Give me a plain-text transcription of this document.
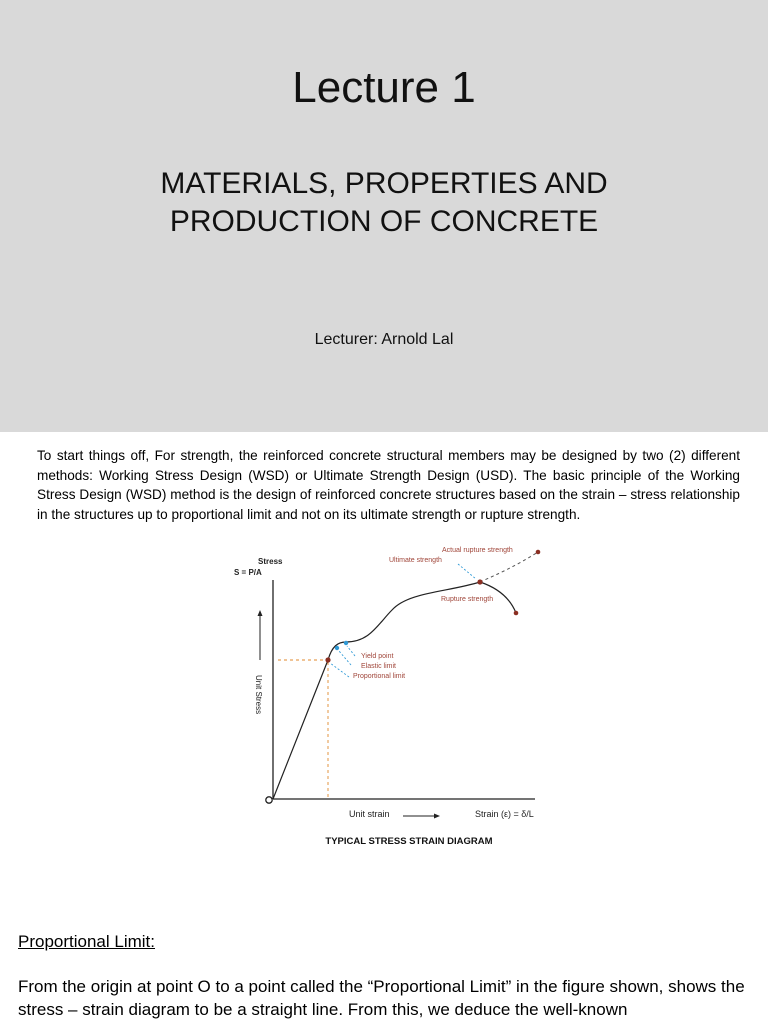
Lecture 1
MATERIALS, PROPERTIES AND
PRODUCTION OF CONCRETE
Lecturer: Arnold Lal
To start things off, For strength, the reinforced concrete structural members may be designed by two (2) different methods: Working Stress Design (WSD) or Ultimate Strength Design (USD). The basic principle of the Working Stress Design (WSD) method is the design of reinforced concrete structures based on the strain – stress relationship in the structures up to proportional limit and not on its ultimate strength or rupture strength.
Stress
S = P/A
Unit Stress
Actual rupture strength
Ultimate strength
Rupture strength
Yield point
Elastic limit
Proportional limit
Unit strain	Strain (ε) = δ/L
TYPICAL STRESS STRAIN DIAGRAM
Proportional Limit:
From the origin at point O to a point called the “Proportional Limit” in the figure shown, shows the stress – strain diagram to be a straight line. From this, we deduce the well-known
